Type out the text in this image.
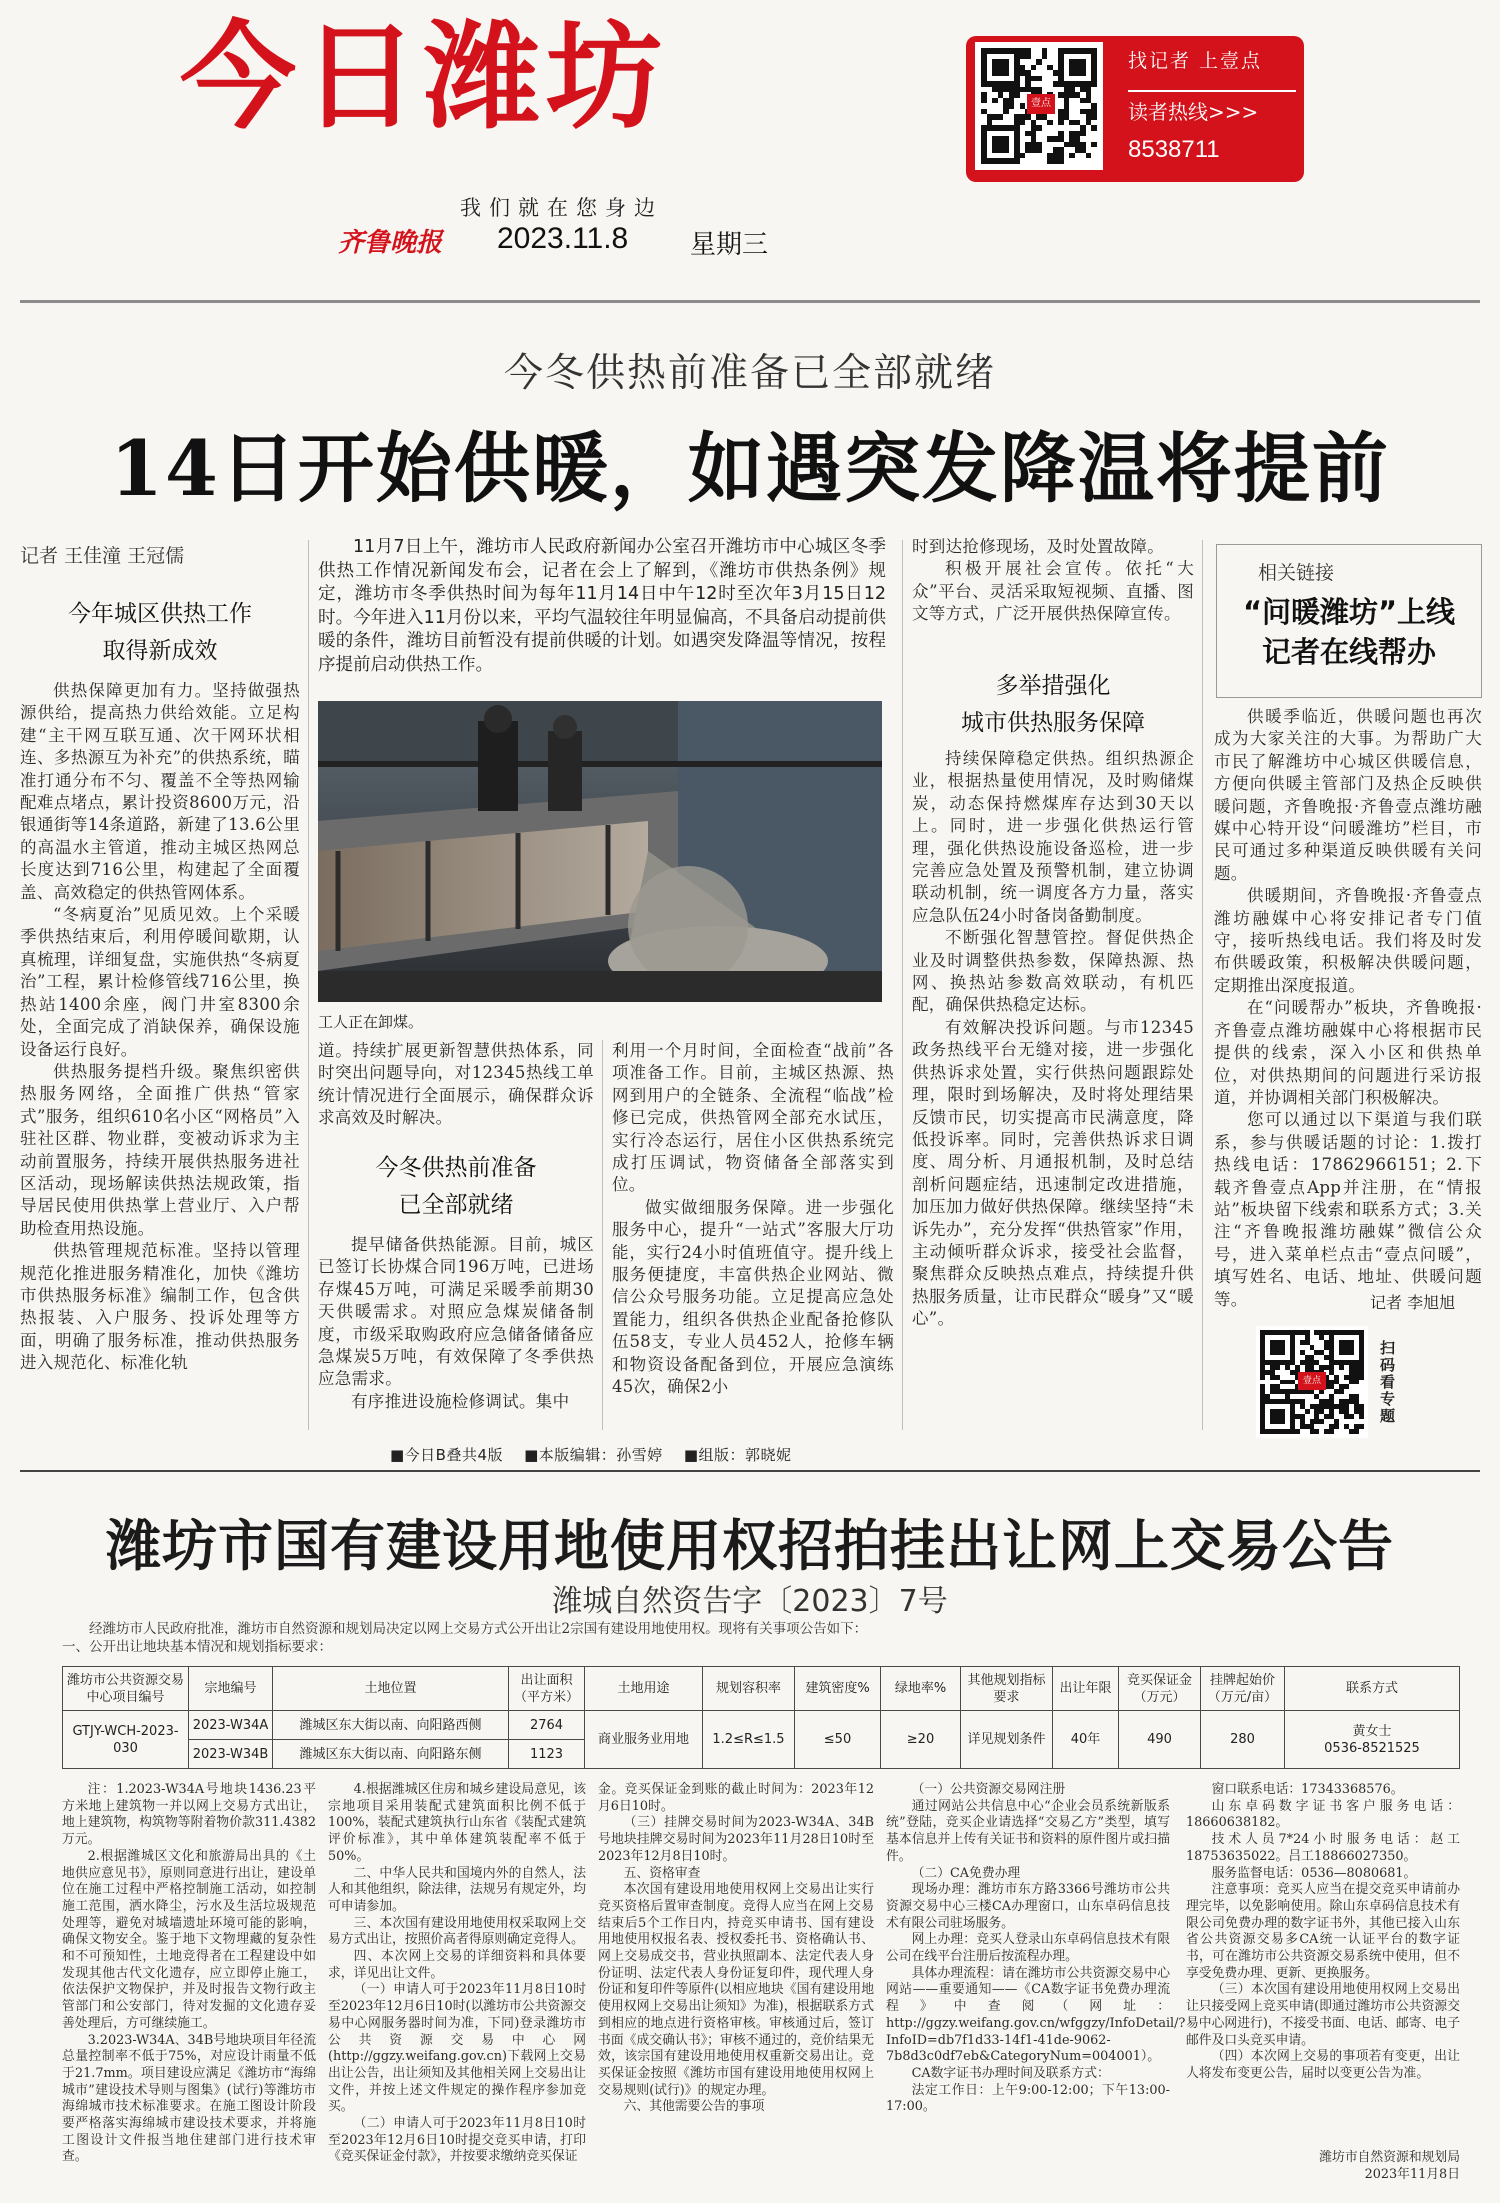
今日潍坊
我们就在您身边
齐鲁晚报 2023.11.8 星期三
壹点
找记者 上壹点
读者热线>>>
8538711
今冬供热前准备已全部就绪
14日开始供暖，如遇突发降温将提前
记者 王佳潼 王冠儒
今年城区供热工作
取得新成效

供热保障更加有力。坚持做强热源供给，提高热力供给效能。立足构建“主干网互联互通、次干网环状相连、多热源互为补充”的供热系统，瞄准打通分布不匀、覆盖不全等热网输配难点堵点，累计投资8600万元，沿银通街等14条道路，新建了13.6公里的高温水主管道，推动主城区热网总长度达到716公里，构建起了全面覆盖、高效稳定的供热管网体系。

“冬病夏治”见质见效。上个采暖季供热结束后，利用停暖间歇期，认真梳理，详细复盘，实施供热“冬病夏治”工程，累计检修管线716公里，换热站1400余座，阀门井室8300余处，全面完成了消缺保养，确保设施设备运行良好。

供热服务提档升级。聚焦织密供热服务网络，全面推广供热“管家式”服务，组织610名小区“网格员”入驻社区群、物业群，变被动诉求为主动前置服务，持续开展供热服务进社区活动，现场解读供热法规政策，指导居民使用供热掌上营业厅、入户帮助检查用热设施。

供热管理规范标准。坚持以管理规范化推进服务精准化，加快《潍坊市供热服务标准》编制工作，包含供热报装、入户服务、投诉处理等方面，明确了服务标准，推动供热服务进入规范化、标准化轨

11月7日上午，潍坊市人民政府新闻办公室召开潍坊市中心城区冬季供热工作情况新闻发布会，记者在会上了解到，《潍坊市供热条例》规定，潍坊市冬季供热时间为每年11月14日中午12时至次年3月15日12时。今年进入11月份以来，平均气温较往年明显偏高，不具备启动提前供暖的条件，潍坊目前暂没有提前供暖的计划。如遇突发降温等情况，按程序提前启动供热工作。
工人正在卸煤。

道。持续扩展更新智慧供热体系，同时突出问题导向，对12345热线工单统计情况进行全面展示，确保群众诉求高效及时解决。

今冬供热前准备
已全部就绪

提早储备供热能源。目前，城区已签订长协煤合同196万吨，已进场存煤45万吨，可满足采暖季前期30天供暖需求。对照应急煤炭储备制度，市级采取购政府应急储备储备应急煤炭5万吨，有效保障了冬季供热应急需求。

有序推进设施检修调试。集中

利用一个月时间，全面检查“战前”各项准备工作。目前，主城区热源、热网到用户的全链条、全流程“临战”检修已完成，供热管网全部充水试压，实行冷态运行，居住小区供热系统完成打压调试，物资储备全部落实到位。

做实做细服务保障。进一步强化服务中心，提升“一站式”客服大厅功能，实行24小时值班值守。提升线上服务便捷度，丰富供热企业网站、微信公众号服务功能。立足提高应急处置能力，组织各供热企业配备抢修队伍58支，专业人员452人，抢修车辆和物资设备配备到位，开展应急演练45次，确保2小

时到达抢修现场，及时处置故障。

积极开展社会宣传。依托“大众”平台、灵活采取短视频、直播、图文等方式，广泛开展供热保障宣传。

多举措强化
城市供热服务保障

持续保障稳定供热。组织热源企业，根据热量使用情况，及时购储煤炭，动态保持燃煤库存达到30天以上。同时，进一步强化供热运行管理，强化供热设施设备巡检，进一步完善应急处置及预警机制，建立协调联动机制，统一调度各方力量，落实应急队伍24小时备岗备勤制度。

不断强化智慧管控。督促供热企业及时调整供热参数，保障热源、热网、换热站参数高效联动，有机匹配，确保供热稳定达标。

有效解决投诉问题。与市12345政务热线平台无缝对接，进一步强化供热诉求处置，实行供热问题跟踪处理，限时到场解决，及时将处理结果反馈市民，切实提高市民满意度，降低投诉率。同时，完善供热诉求日调度、周分析、月通报机制，及时总结剖析问题症结，迅速制定改进措施，加压加力做好供热保障。继续坚持“未诉先办”，充分发挥“供热管家”作用，主动倾听群众诉求，接受社会监督，聚焦群众反映热点难点，持续提升供热服务质量，让市民群众“暖身”又“暖心”。

相关链接
“问暖潍坊”上线
记者在线帮办

供暖季临近，供暖问题也再次成为大家关注的大事。为帮助广大市民了解潍坊中心城区供暖信息，方便向供暖主管部门及热企反映供暖问题，齐鲁晚报·齐鲁壹点潍坊融媒中心特开设“问暖潍坊”栏目，市民可通过多种渠道反映供暖有关问题。

供暖期间，齐鲁晚报·齐鲁壹点潍坊融媒中心将安排记者专门值守，接听热线电话。我们将及时发布供暖政策，积极解决供暖问题，定期推出深度报道。

在“问暖帮办”板块，齐鲁晚报·齐鲁壹点潍坊融媒中心将根据市民提供的线索，深入小区和供热单位，对供热期间的问题进行采访报道，并协调相关部门积极解决。

您可以通过以下渠道与我们联系，参与供暖话题的讨论：1.拨打热线电话：17862966151；2.下载齐鲁壹点App并注册，在“情报站”板块留下线索和联系方式；3.关注“齐鲁晚报潍坊融媒”微信公众号，进入菜单栏点击“壹点问暖”，填写姓名、电话、地址、供暖问题等。	记者 李旭旭
壹点
扫码看专题
■今日B叠共4版 ■本版编辑：孙雪婷 ■组版：郭晓妮
潍坊市国有建设用地使用权招拍挂出让网上交易公告
潍城自然资告字〔2023〕7号

经潍坊市人民政府批准，潍坊市自然资源和规划局决定以网上交易方式公开出让2宗国有建设用地使用权。现将有关事项公告如下：

一、公开出让地块基本情况和规划指标要求：

潍坊市公共资源交易中心项目编号	宗地编号	土地位置	出让面积（平方米）	土地用途	规划容积率	建筑密度%	绿地率%	其他规划指标要求	出让年限	竞买保证金（万元）	挂牌起始价（万元/亩）	联系方式
GTJY-WCH-2023-030	2023-W34A	潍城区东大街以南、向阳路西侧	2764	商业服务业用地	1.2≤R≤1.5	≤50	≥20	详见规划条件	40年	490	280	黄女士
0536-8521525

	2023-W34B	潍城区东大街以南、向阳路东侧	1123									

注：1.2023-W34A号地块1436.23平方米地上建筑物一并以网上交易方式出让，地上建筑物，构筑物等附着物价款311.4382万元。

2.根据潍城区文化和旅游局出具的《土地供应意见书》，原则同意进行出让，建设单位在施工过程中严格控制施工活动，如控制施工范围，洒水降尘，污水及生活垃圾规范处理等，避免对城墙遗址环境可能的影响，确保文物安全。鉴于地下文物埋藏的复杂性和不可预知性，土地竞得者在工程建设中如发现其他古代文化遗存，应立即停止施工，依法保护文物保护，并及时报告文物行政主管部门和公安部门，待对发掘的文化遗存妥善处理后，方可继续施工。

3.2023-W34A、34B号地块项目年径流总量控制率不低于75%，对应设计雨量不低于21.7mm。项目建设应满足《潍坊市“海绵城市”建设技术导则与图集》(试行)等潍坊市海绵城市技术标准要求。在施工图设计阶段要严格落实海绵城市建设技术要求，并将施工图设计文件报当地住建部门进行技术审查。

4.根据潍城区住房和城乡建设局意见，该宗地项目采用装配式建筑面积比例不低于100%，装配式建筑执行山东省《装配式建筑评价标准》，其中单体建筑装配率不低于50%。

二、中华人民共和国境内外的自然人，法人和其他组织，除法律，法规另有规定外，均可申请参加。

三、本次国有建设用地使用权采取网上交易方式出让，按照价高者得原则确定竞得人。

四、本次网上交易的详细资料和具体要求，详见出让文件。

（一）申请人可于2023年11月8日10时至2023年12月6日10时(以潍坊市公共资源交易中心网服务器时间为准，下同)登录潍坊市公共资源交易中心网(http://ggzy.weifang.gov.cn)下载网上交易出让公告，出让须知及其他相关网上交易出让文件，并按上述文件规定的操作程序参加竞买。

（二）申请人可于2023年11月8日10时至2023年12月6日10时提交竞买申请，打印《竞买保证金付款》，并按要求缴纳竞买保证

金。竞买保证金到账的截止时间为：2023年12月6日10时。

（三）挂牌交易时间为2023-W34A、34B号地块挂牌交易时间为2023年11月28日10时至2023年12月8日10时。

五、资格审查

本次国有建设用地使用权网上交易出让实行竞买资格后置审查制度。竞得人应当在网上交易结束后5个工作日内，持竞买申请书、国有建设用地使用权报名表、授权委托书、资格确认书、网上交易成交书，营业执照副本、法定代表人身份证明、法定代表人身份证复印件，现代理人身份证和复印件等原件(以相应地块《国有建设用地使用权网上交易出让须知》为准)，根据联系方式到相应的地点进行资格审核。审核通过后，签订书面《成交确认书》；审核不通过的，竞价结果无效，该宗国有建设用地使用权重新交易出让。竞买保证金按照《潍坊市国有建设用地使用权网上交易规则(试行)》的规定办理。

六、其他需要公告的事项

（一）公共资源交易网注册

通过网站公共信息中心“企业会员系统新版系统”登陆，竞买企业请选择“交易乙方”类型，填写基本信息并上传有关证书和资料的原件图片或扫描件。

（二）CA免费办理

现场办理：潍坊市东方路3366号潍坊市公共资源交易中心三楼CA办理窗口，山东卓码信息技术有限公司驻场服务。

网上办理：竞买人登录山东卓码信息技术有限公司在线平台注册后按流程办理。

具体办理流程：请在潍坊市公共资源交易中心网站——重要通知——《CA数字证书免费办理流程》中查阅（网址：http://ggzy.weifang.gov.cn/wfggzy/InfoDetail/?InfoID=db7f1d33-14f1-41de-9062-7b8d3c0df7eb&CategoryNum=004001）。

CA数字证书办理时间及联系方式：

法定工作日：上午9:00-12:00；下午13:00-17:00。

窗口联系电话：17343368576。

山东卓码数字证书客户服务电话：18660638182。

技术人员7*24小时服务电话：赵工18753635022。吕工18866027350。

服务监督电话：0536—8080681。

注意事项：竞买人应当在提交竞买申请前办理完毕，以免影响使用。除山东卓码信息技术有限公司免费办理的数字证书外，其他已接入山东省公共资源交易多CA统一认证平台的数字证书，可在潍坊市公共资源交易系统中使用，但不享受免费办理、更新、更换服务。

（三）本次国有建设用地使用权网上交易出让只接受网上竞买申请(即通过潍坊市公共资源交易中心网进行)，不接受书面、电话、邮寄、电子邮件及口头竞买申请。

（四）本次网上交易的事项若有变更，出让人将发布变更公告，届时以变更公告为准。

潍坊市自然资源和规划局
2023年11月8日
